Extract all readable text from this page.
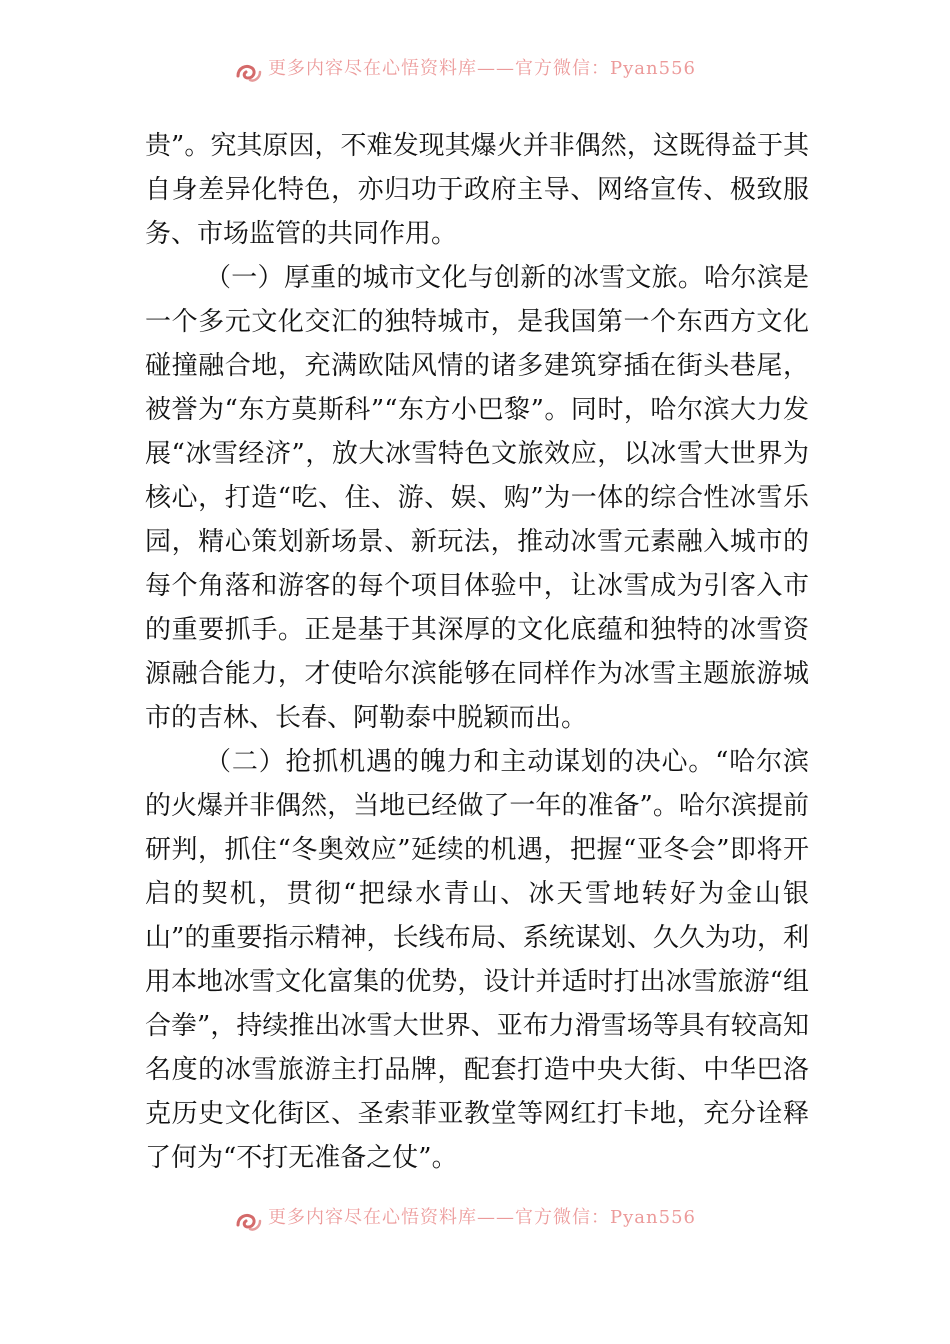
更多内容尽在心悟资料库——官方微信：Pyan556

贵”。究其原因，不难发现其爆火并非偶然，这既得益于其自身差异化特色，亦归功于政府主导、网络宣传、极致服务、市场监管的共同作用。

（一）厚重的城市文化与创新的冰雪文旅。哈尔滨是一个多元文化交汇的独特城市，是我国第一个东西方文化碰撞融合地，充满欧陆风情的诸多建筑穿插在街头巷尾，被誉为“东方莫斯科”“东方小巴黎”。同时，哈尔滨大力发展“冰雪经济”，放大冰雪特色文旅效应，以冰雪大世界为核心，打造“吃、住、游、娱、购”为一体的综合性冰雪乐园，精心策划新场景、新玩法，推动冰雪元素融入城市的每个角落和游客的每个项目体验中，让冰雪成为引客入市的重要抓手。正是基于其深厚的文化底蕴和独特的冰雪资源融合能力，才使哈尔滨能够在同样作为冰雪主题旅游城市的吉林、长春、阿勒泰中脱颖而出。

（二）抢抓机遇的魄力和主动谋划的决心。“哈尔滨的火爆并非偶然，当地已经做了一年的准备”。哈尔滨提前研判，抓住“冬奥效应”延续的机遇，把握“亚冬会”即将开启的契机，贯彻“把绿水青山、冰天雪地转好为金山银山”的重要指示精神，长线布局、系统谋划、久久为功，利用本地冰雪文化富集的优势，设计并适时打出冰雪旅游“组合拳”，持续推出冰雪大世界、亚布力滑雪场等具有较高知名度的冰雪旅游主打品牌，配套打造中央大街、中华巴洛克历史文化街区、圣索菲亚教堂等网红打卡地，充分诠释了何为“不打无准备之仗”。

更多内容尽在心悟资料库——官方微信：Pyan556
